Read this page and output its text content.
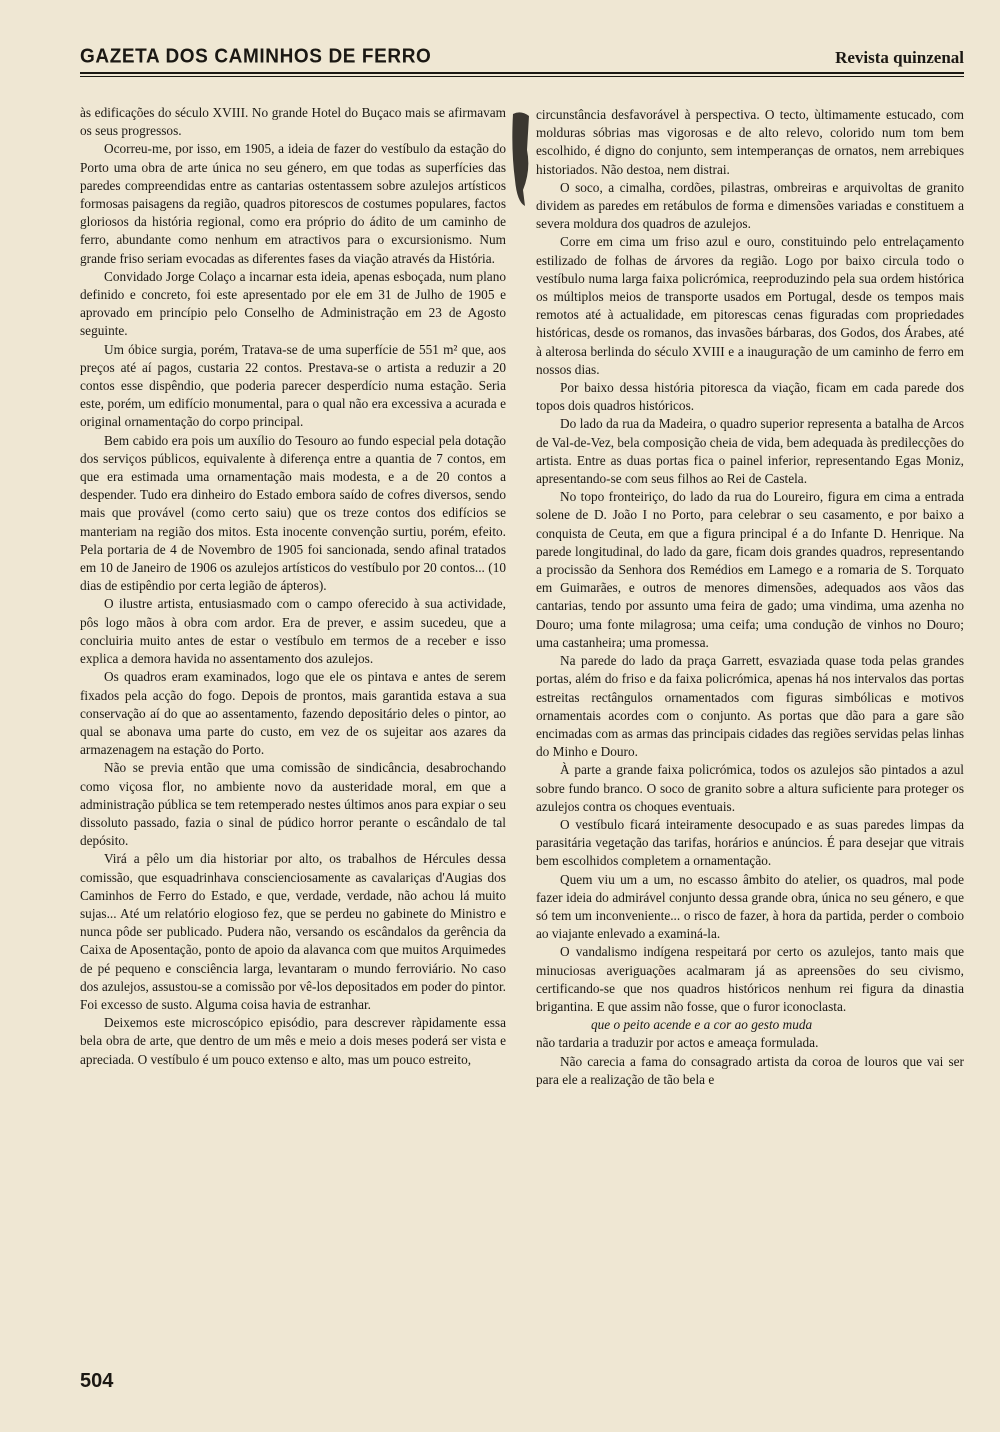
GAZETA DOS CAMINHOS DE FERRO	Revista quinzenal

às edificações do século XVIII. No grande Hotel do Buçaco mais se afirmavam os seus progressos.

Ocorreu-me, por isso, em 1905, a ideia de fazer do vestíbulo da estação do Porto uma obra de arte única no seu género, em que todas as superfícies das paredes compreendidas entre as cantarias ostentassem sobre azulejos artísticos formosas paisagens da região, quadros pitorescos de costumes populares, factos gloriosos da história regional, como era próprio do ádito de um caminho de ferro, abundante como nenhum em atractivos para o excursionismo. Num grande friso seriam evocadas as diferentes fases da viação através da História.

Convidado Jorge Colaço a incarnar esta ideia, apenas esboçada, num plano definido e concreto, foi este apresentado por ele em 31 de Julho de 1905 e aprovado em princípio pelo Conselho de Administração em 23 de Agosto seguinte.

Um óbice surgia, porém, Tratava-se de uma superfície de 551 m² que, aos preços até aí pagos, custaria 22 contos. Prestava-se o artista a reduzir a 20 contos esse dispêndio, que poderia parecer desperdício numa estação. Seria este, porém, um edifício monumental, para o qual não era excessiva a acurada e original ornamentação do corpo principal.

Bem cabido era pois um auxílio do Tesouro ao fundo especial pela dotação dos serviços públicos, equivalente à diferença entre a quantia de 7 contos, em que era estimada uma ornamentação mais modesta, e a de 20 contos a despender. Tudo era dinheiro do Estado embora saído de cofres diversos, sendo mais que provável (como certo saiu) que os treze contos dos edifícios se manteriam na região dos mitos. Esta inocente convenção surtiu, porém, efeito. Pela portaria de 4 de Novembro de 1905 foi sancionada, sendo afinal tratados em 10 de Janeiro de 1906 os azulejos artísticos do vestíbulo por 20 contos... (10 dias de estipêndio por certa legião de ápteros).

O ilustre artista, entusiasmado com o campo oferecido à sua actividade, pôs logo mãos à obra com ardor. Era de prever, e assim sucedeu, que a concluiria muito antes de estar o vestíbulo em termos de a receber e isso explica a demora havida no assentamento dos azulejos.

Os quadros eram examinados, logo que ele os pintava e antes de serem fixados pela acção do fogo. Depois de prontos, mais garantida estava a sua conservação aí do que ao assentamento, fazendo depositário deles o pintor, ao qual se abonava uma parte do custo, em vez de os sujeitar aos azares da armazenagem na estação do Porto.

Não se previa então que uma comissão de sindicância, desabrochando como viçosa flor, no ambiente novo da austeridade moral, em que a administração pública se tem retemperado nestes últimos anos para expiar o seu dissoluto passado, fazia o sinal de púdico horror perante o escândalo de tal depósito.

Virá a pêlo um dia historiar por alto, os trabalhos de Hércules dessa comissão, que esquadrinhava conscienciosamente as cavalariças d'Augias dos Caminhos de Ferro do Estado, e que, verdade, verdade, não achou lá muito sujas... Até um relatório elogioso fez, que se perdeu no gabinete do Ministro e nunca pôde ser publicado. Pudera não, versando os escândalos da gerência da Caixa de Aposentação, ponto de apoio da alavanca com que muitos Arquimedes de pé pequeno e consciência larga, levantaram o mundo ferroviário. No caso dos azulejos, assustou-se a comissão por vê-los depositados em poder do pintor. Foi excesso de susto. Alguma coisa havia de estranhar.

Deixemos este microscópico episódio, para descrever ràpidamente essa bela obra de arte, que dentro de um mês e meio a dois meses poderá ser vista e apreciada. O vestíbulo é um pouco extenso e alto, mas um pouco estreito,

circunstância desfavorável à perspectiva. O tecto, ùltimamente estucado, com molduras sóbrias mas vigorosas e de alto relevo, colorido num tom bem escolhido, é digno do conjunto, sem intemperanças de ornatos, nem arrebiques historiados. Não destoa, nem distrai.

O soco, a cimalha, cordões, pilastras, ombreiras e arquivoltas de granito dividem as paredes em retábulos de forma e dimensões variadas e constituem a severa moldura dos quadros de azulejos.

Corre em cima um friso azul e ouro, constituindo pelo entrelaçamento estilizado de folhas de árvores da região. Logo por baixo circula todo o vestíbulo numa larga faixa policrómica, reeproduzindo pela sua ordem histórica os múltiplos meios de transporte usados em Portugal, desde os tempos mais remotos até à actualidade, em pitorescas cenas figuradas com propriedades históricas, desde os romanos, das invasões bárbaras, dos Godos, dos Árabes, até à alterosa berlinda do século XVIII e a inauguração de um caminho de ferro em nossos dias.

Por baixo dessa história pitoresca da viação, ficam em cada parede dos topos dois quadros históricos.

Do lado da rua da Madeira, o quadro superior representa a batalha de Arcos de Val-de-Vez, bela composição cheia de vida, bem adequada às predilecções do artista. Entre as duas portas fica o painel inferior, representando Egas Moniz, apresentando-se com seus filhos ao Rei de Castela.

No topo fronteiriço, do lado da rua do Loureiro, figura em cima a entrada solene de D. João I no Porto, para celebrar o seu casamento, e por baixo a conquista de Ceuta, em que a figura principal é a do Infante D. Henrique. Na parede longitudinal, do lado da gare, ficam dois grandes quadros, representando a procissão da Senhora dos Remédios em Lamego e a romaria de S. Torquato em Guimarães, e outros de menores dimensões, adequados aos vãos das cantarias, tendo por assunto uma feira de gado; uma vindima, uma azenha no Douro; uma fonte milagrosa; uma ceifa; uma condução de vinhos no Douro; uma castanheira; uma promessa.

Na parede do lado da praça Garrett, esvaziada quase toda pelas grandes portas, além do friso e da faixa policrómica, apenas há nos intervalos das portas estreitas rectângulos ornamentados com figuras simbólicas e motivos ornamentais acordes com o conjunto. As portas que dão para a gare são encimadas com as armas das principais cidades das regiões servidas pelas linhas do Minho e Douro.

À parte a grande faixa policrómica, todos os azulejos são pintados a azul sobre fundo branco. O soco de granito sobre a altura suficiente para proteger os azulejos contra os choques eventuais.

O vestíbulo ficará inteiramente desocupado e as suas paredes limpas da parasitária vegetação das tarifas, horários e anúncios. É para desejar que vitrais bem escolhidos completem a ornamentação.

Quem viu um a um, no escasso âmbito do atelier, os quadros, mal pode fazer ideia do admirável conjunto dessa grande obra, única no seu género, e que só tem um inconveniente... o risco de fazer, à hora da partida, perder o comboio ao viajante enlevado a examiná-la.

O vandalismo indígena respeitará por certo os azulejos, tanto mais que minuciosas averiguações acalmaram já as apreensões do seu civismo, certificando-se que nos quadros históricos nenhum rei figura da dinastia brigantina. E que assim não fosse, que o furor iconoclasta.

que o peito acende e a cor ao gesto muda

não tardaria a traduzir por actos e ameaça formulada.

Não carecia a fama do consagrado artista da coroa de louros que vai ser para ele a realização de tão bela e

504
